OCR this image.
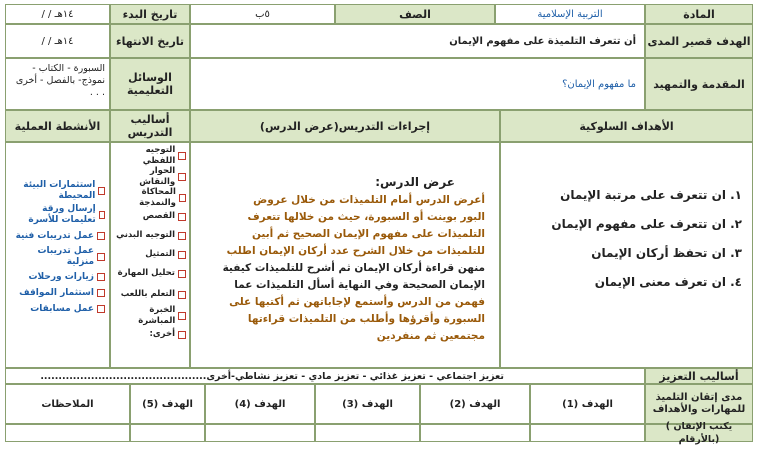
المادة
التربية الإسلامية
الصف
٥ب
تاريخ البدء
/ / ١٤هـ
الهدف قصير المدى
أن تتعرف التلميذة على مفهوم الإيمان
تاريخ الانتهاء
/ / ١٤هـ
المقدمة والتمهيد
ما مفهوم الإيمان؟
الوسائل التعليمية
السبورة - الكتاب - نموذج- بالفصل - أخرى . . .
الأهداف السلوكية
إجراءات التدريس(عرض الدرس)
أساليب التدريس
الأنشطة العملية
١. ان تتعرف على مرتبة الإيمان
٢. ان تتعرف على مفهوم الإيمان
٣. ان تحفظ أركان الإيمان
٤. ان تعرف معنى الإيمان
عرض الدرس:
أعرض الدرس أمام التلميذات من خلال عروض
البور بوينت أو السبورة، حيث من خلالها تتعرف
التلميذات على مفهوم الإيمان الصحيح ثم أبين
للتلميذات من خلال الشرح عدد أركان الإيمان اطلب
منهن قراءة أركان الإيمان ثم أشرح للتلميذات كيفية
الإيمان الصحيحة وفي النهاية أسأل التلميذات عما
فهمن من الدرس وأستمع لإجاباتهن ثم أكتبها على
السبورة وأقرؤها وأطلب من التلميذات قراءتها
مجتمعين ثم منفردين
التوجيه اللفظي
الحوار والنقاش
المحاكاة والنمذجة
القصص
التوجيه البدني
التمثيل
تحليل المهارة
التعلم باللعب
الخبرة المباشرة
أخرى:
استثمارات البيئة المحيطة
إرسال ورقة تعليمات للأسرة
عمل تدريبات فنية
عمل تدريبات منزلية
زيارات ورحلات
استثمار المواقف
عمل مسابقات
أساليب التعزيز
تعزيز اجتماعي - تعزيز غذائي - تعزيز مادي - تعزيز نشاطي-أخرى..............................................
مدى إتقان التلميذ للمهارات والأهداف
الهدف (1)
الهدف (2)
الهدف (3)
الهدف (4)
الهدف (5)
الملاحظات
( يكتب الإتقان بالأرقام)
